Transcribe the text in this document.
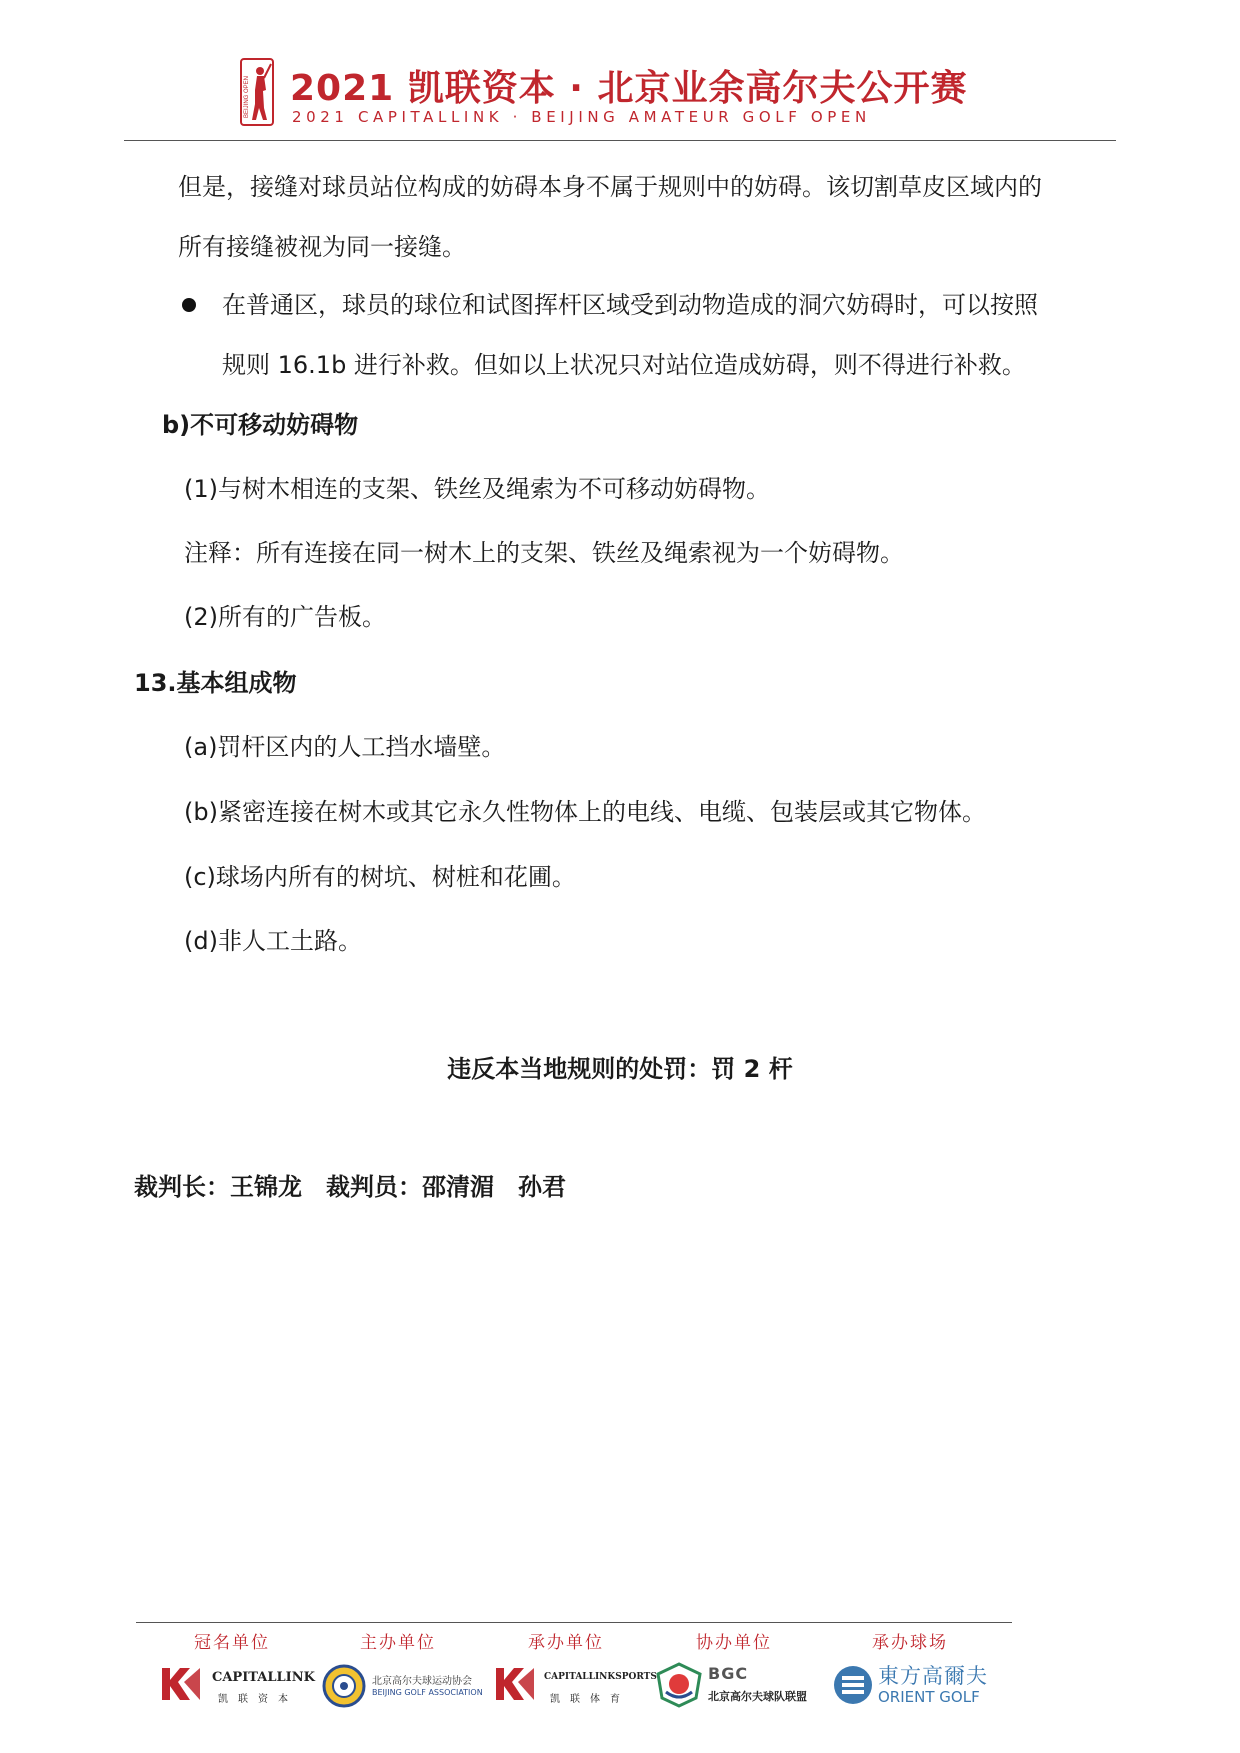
BEIJING OPEN 2021 凯联资本 · 北京业余高尔夫公开赛
2021 CAPITALLINK · BEIJING AMATEUR GOLF OPEN
但是，接缝对球员站位构成的妨碍本身不属于规则中的妨碍。该切割草皮区域内的
所有接缝被视为同一接缝。
在普通区，球员的球位和试图挥杆区域受到动物造成的洞穴妨碍时，可以按照
规则 16.1b 进行补救。但如以上状况只对站位造成妨碍，则不得进行补救。
b)不可移动妨碍物
(1)与树木相连的支架、铁丝及绳索为不可移动妨碍物。
注释：所有连接在同一树木上的支架、铁丝及绳索视为一个妨碍物。
(2)所有的广告板。
13.基本组成物
(a)罚杆区内的人工挡水墙壁。
(b)紧密连接在树木或其它永久性物体上的电线、电缆、包装层或其它物体。
(c)球场内所有的树坑、树桩和花圃。
(d)非人工土路。
违反本当地规则的处罚：罚 2 杆
裁判长：王锦龙　裁判员：邵清湄　孙君
冠名单位	主办单位	承办单位	协办单位	承办球场
CAPITALLINK
凯联资本
北京高尔夫球运动协会
BEIJING GOLF ASSOCIATION
CAPITALLINKSPORTS
凯联体育
BGC
北京高尔夫球队联盟
東方高爾夫
ORIENT GOLF
